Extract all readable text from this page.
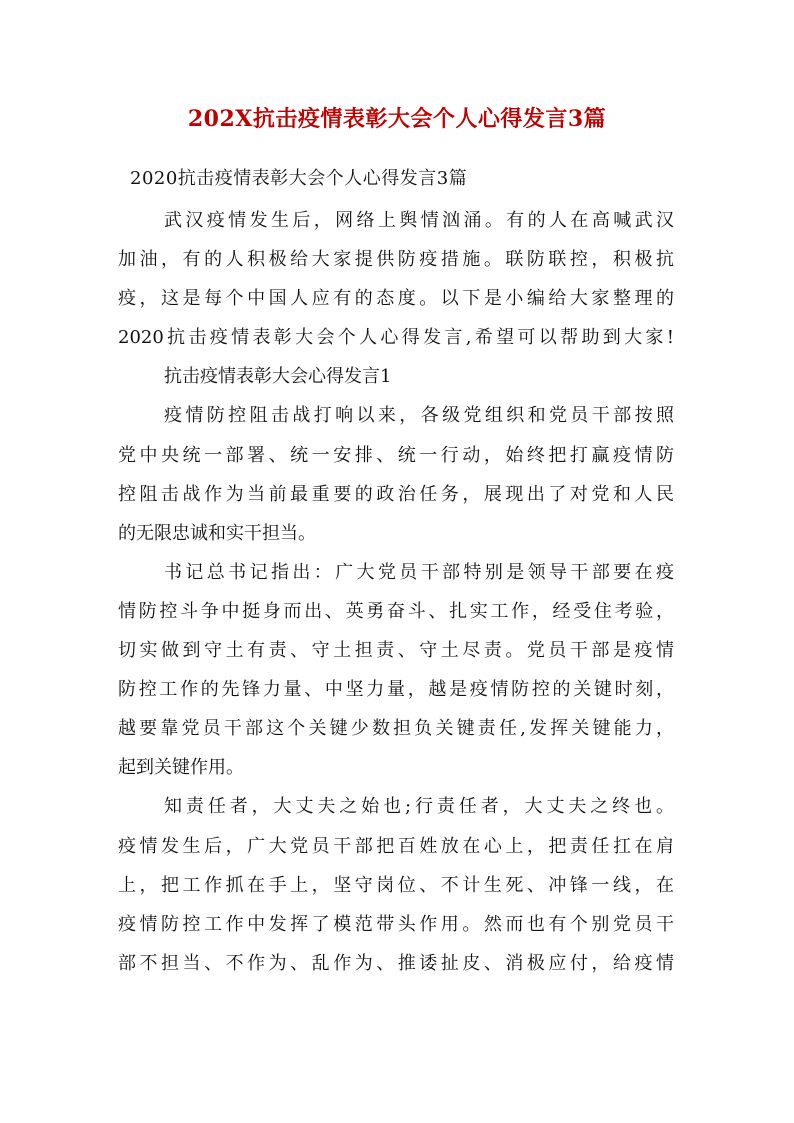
202X抗击疫情表彰大会个人心得发言3篇
2020抗击疫情表彰大会个人心得发言3篇
武汉疫情发生后，网络上舆情汹涌。有的人在高喊武汉
加油，有的人积极给大家提供防疫措施。联防联控，积极抗
疫，这是每个中国人应有的态度。以下是小编给大家整理的
2020抗击疫情表彰大会个人心得发言,希望可以帮助到大家!
抗击疫情表彰大会心得发言1
疫情防控阻击战打响以来，各级党组织和党员干部按照
党中央统一部署、统一安排、统一行动，始终把打赢疫情防
控阻击战作为当前最重要的政治任务，展现出了对党和人民
的无限忠诚和实干担当。
书记总书记指出：广大党员干部特别是领导干部要在疫
情防控斗争中挺身而出、英勇奋斗、扎实工作，经受住考验，
切实做到守土有责、守土担责、守土尽责。党员干部是疫情
防控工作的先锋力量、中坚力量，越是疫情防控的关键时刻，
越要靠党员干部这个关键少数担负关键责任,发挥关键能力，
起到关键作用。
知责任者，大丈夫之始也;行责任者，大丈夫之终也。
疫情发生后，广大党员干部把百姓放在心上，把责任扛在肩
上，把工作抓在手上，坚守岗位、不计生死、冲锋一线，在
疫情防控工作中发挥了模范带头作用。然而也有个别党员干
部不担当、不作为、乱作为、推诿扯皮、消极应付，给疫情
